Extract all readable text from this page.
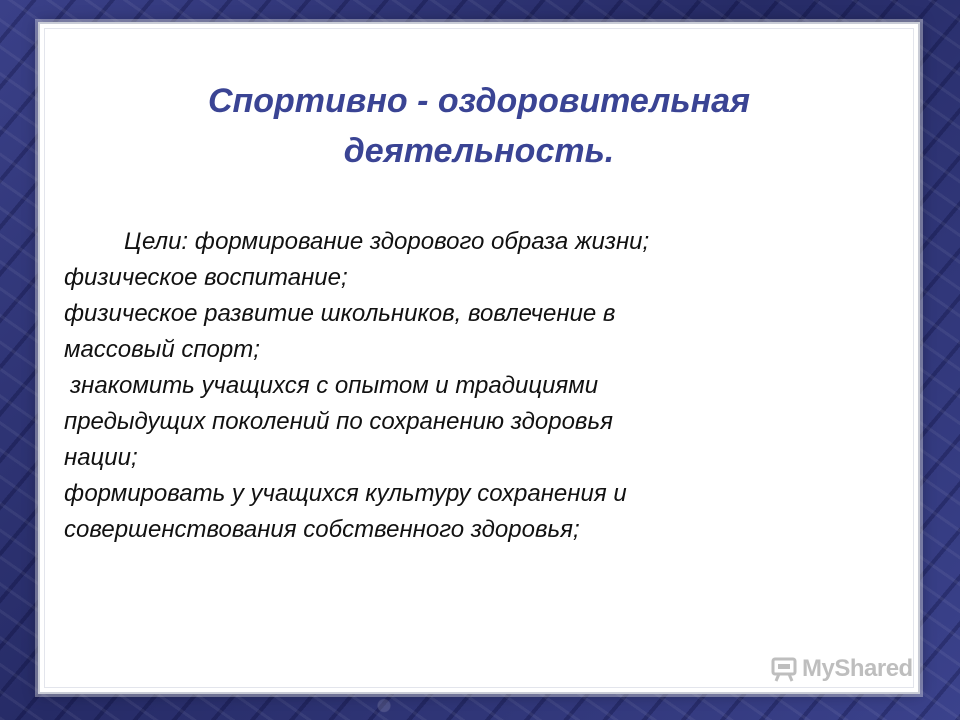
Спортивно - оздоровительная деятельность.

Цели: формирование здорового образа жизни;

физическое воспитание;

физическое развитие школьников, вовлечение в

массовый спорт;

знакомить учащихся с опытом и традициями

предыдущих поколений по сохранению здоровья

нации;

формировать у учащихся культуру сохранения и

совершенствования собственного здоровья;

MyShared
